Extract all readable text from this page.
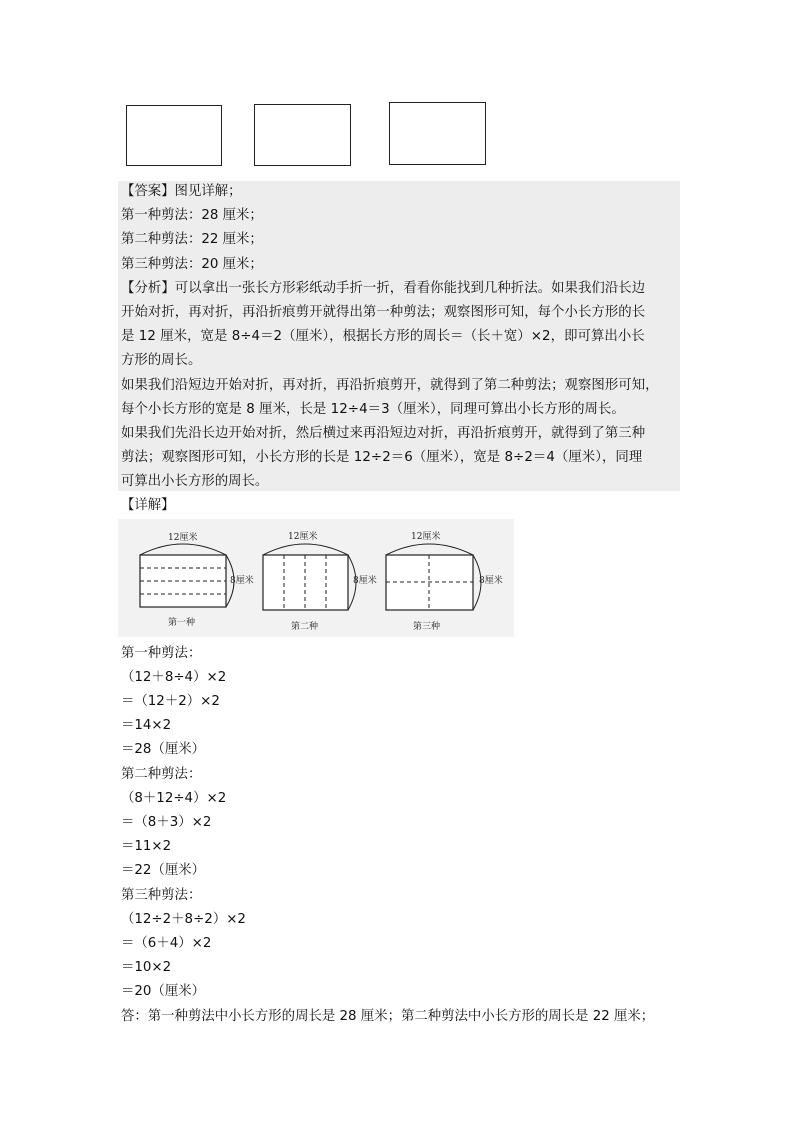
【答案】图见详解；
第一种剪法：28 厘米；
第二种剪法：22 厘米；
第三种剪法：20 厘米；
【分析】可以拿出一张长方形彩纸动手折一折，看看你能找到几种折法。如果我们沿长边
开始对折，再对折，再沿折痕剪开就得出第一种剪法；观察图形可知，每个小长方形的长
是 12 厘米，宽是 8÷4＝2（厘米），根据长方形的周长＝（长＋宽）×2，即可算出小长
方形的周长。
如果我们沿短边开始对折，再对折，再沿折痕剪开，就得到了第二种剪法；观察图形可知，
每个小长方形的宽是 8 厘米，长是 12÷4＝3（厘米），同理可算出小长方形的周长。
如果我们先沿长边开始对折，然后横过来再沿短边对折，再沿折痕剪开，就得到了第三种
剪法；观察图形可知，小长方形的长是 12÷2＝6（厘米），宽是 8÷2＝4（厘米），同理
可算出小长方形的周长。
【详解】
12厘米
8厘米
第一种
12厘米
8厘米
第二种
12厘米
8厘米
第三种
第一种剪法：
（12＋8÷4）×2
＝（12＋2）×2
＝14×2
＝28（厘米）
第二种剪法：
（8＋12÷4）×2
＝（8＋3）×2
＝11×2
＝22（厘米）
第三种剪法：
（12÷2＋8÷2）×2
＝（6＋4）×2
＝10×2
＝20（厘米）
答：第一种剪法中小长方形的周长是 28 厘米；第二种剪法中小长方形的周长是 22 厘米；
